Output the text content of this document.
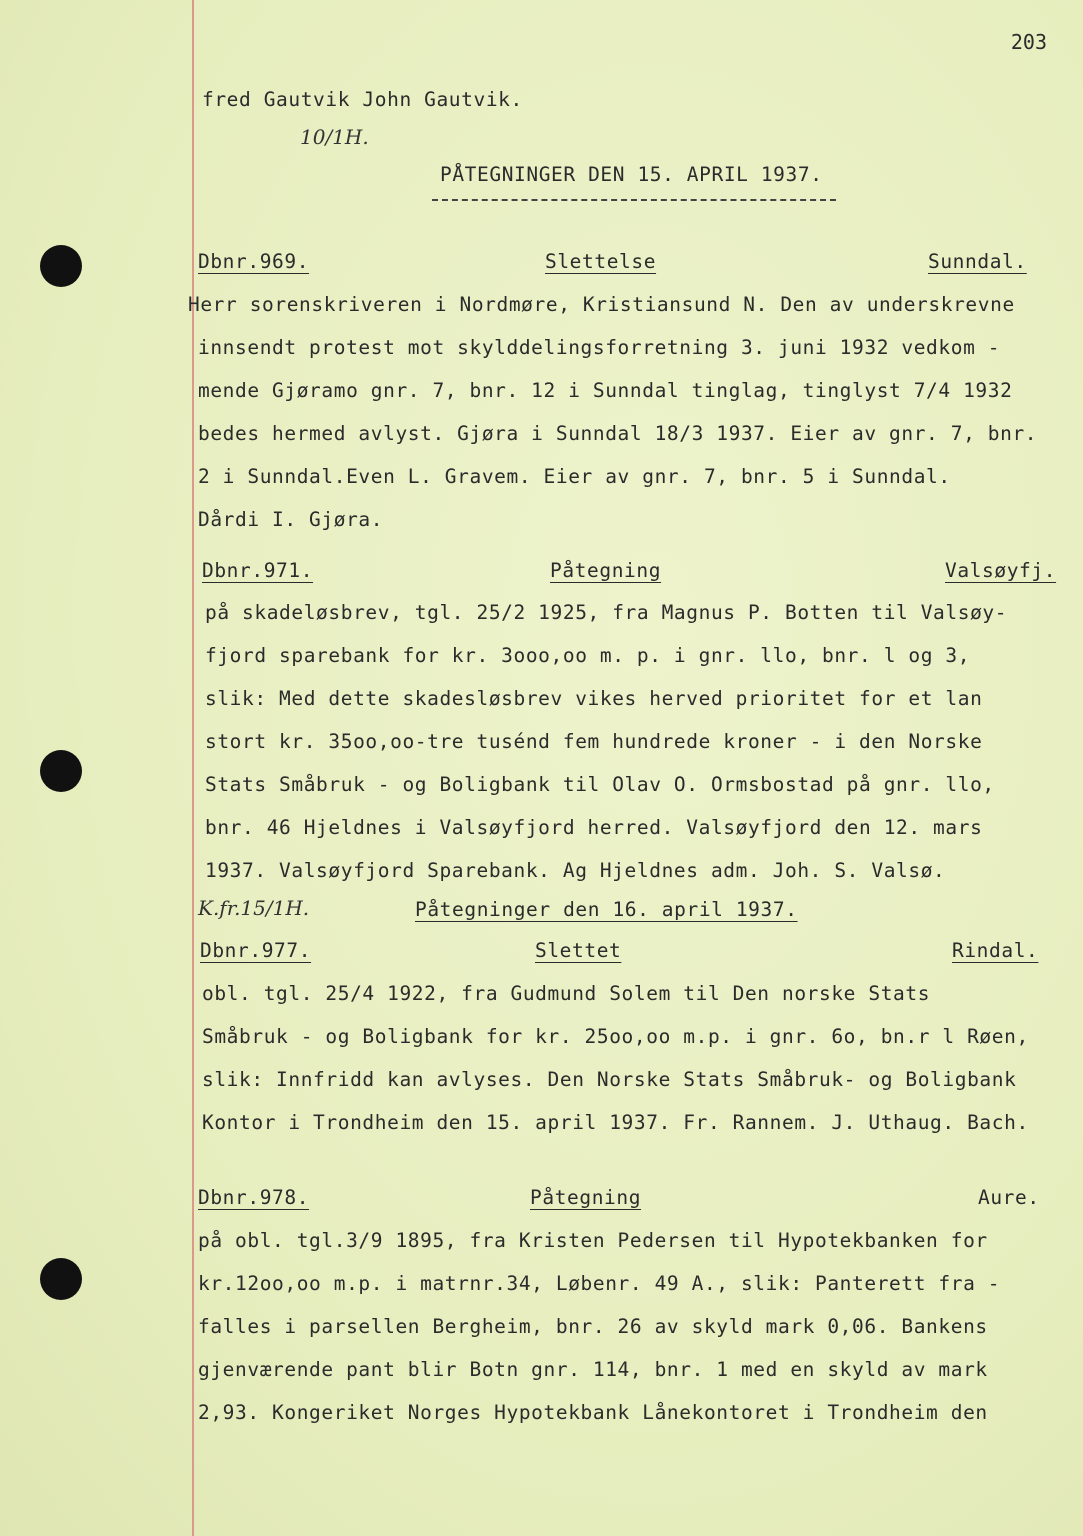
203
fred Gautvik John Gautvik.
10/1H.
PÅTEGNINGER DEN 15. APRIL 1937.
Dbnr.969.	Slettelse	Sunndal.
Herr sorenskriveren i Nordmøre, Kristiansund N. Den av underskrevne
innsendt protest mot skylddelingsforretning 3. juni 1932 vedkom -
mende Gjøramo gnr. 7, bnr. 12 i Sunndal tinglag, tinglyst 7/4 1932
bedes hermed avlyst. Gjøra i Sunndal 18/3 1937. Eier av gnr. 7, bnr.
2 i Sunndal.Even L. Gravem. Eier av gnr. 7, bnr. 5 i Sunndal.
Dårdi I. Gjøra.
Dbnr.971.	Påtegning	Valsøyfj.
på skadeløsbrev, tgl. 25/2 1925, fra Magnus P. Botten til Valsøy-
fjord sparebank for kr. 3ooo,oo m. p. i gnr. llo, bnr. l og 3,
slik: Med dette skadesløsbrev vikes herved prioritet for et lan
stort kr. 35oo,oo-tre tusénd fem hundrede kroner - i den Norske
Stats Småbruk - og Boligbank til Olav O. Ormsbostad på gnr. llo,
bnr. 46 Hjeldnes i Valsøyfjord herred. Valsøyfjord den 12. mars
1937. Valsøyfjord Sparebank. Ag Hjeldnes adm. Joh. S. Valsø.
K.fr.15/1H.	Påtegninger den 16. april 1937.
Dbnr.977.	Slettet	Rindal.
obl. tgl. 25/4 1922, fra Gudmund Solem til Den norske Stats
Småbruk - og Boligbank for kr. 25oo,oo m.p. i gnr. 6o, bn.r l Røen,
slik: Innfridd kan avlyses. Den Norske Stats Småbruk- og Boligbank
Kontor i Trondheim den 15. april 1937. Fr. Rannem. J. Uthaug. Bach.
Dbnr.978.	Påtegning	Aure.
på obl. tgl.3/9 1895, fra Kristen Pedersen til Hypotekbanken for
kr.12oo,oo m.p. i matrnr.34, Løbenr. 49 A., slik: Panterett fra -
falles i parsellen Bergheim, bnr. 26 av skyld mark 0,06. Bankens
gjenværende pant blir Botn gnr. 114, bnr. 1 med en skyld av mark
2,93. Kongeriket Norges Hypotekbank Lånekontoret i Trondheim den
